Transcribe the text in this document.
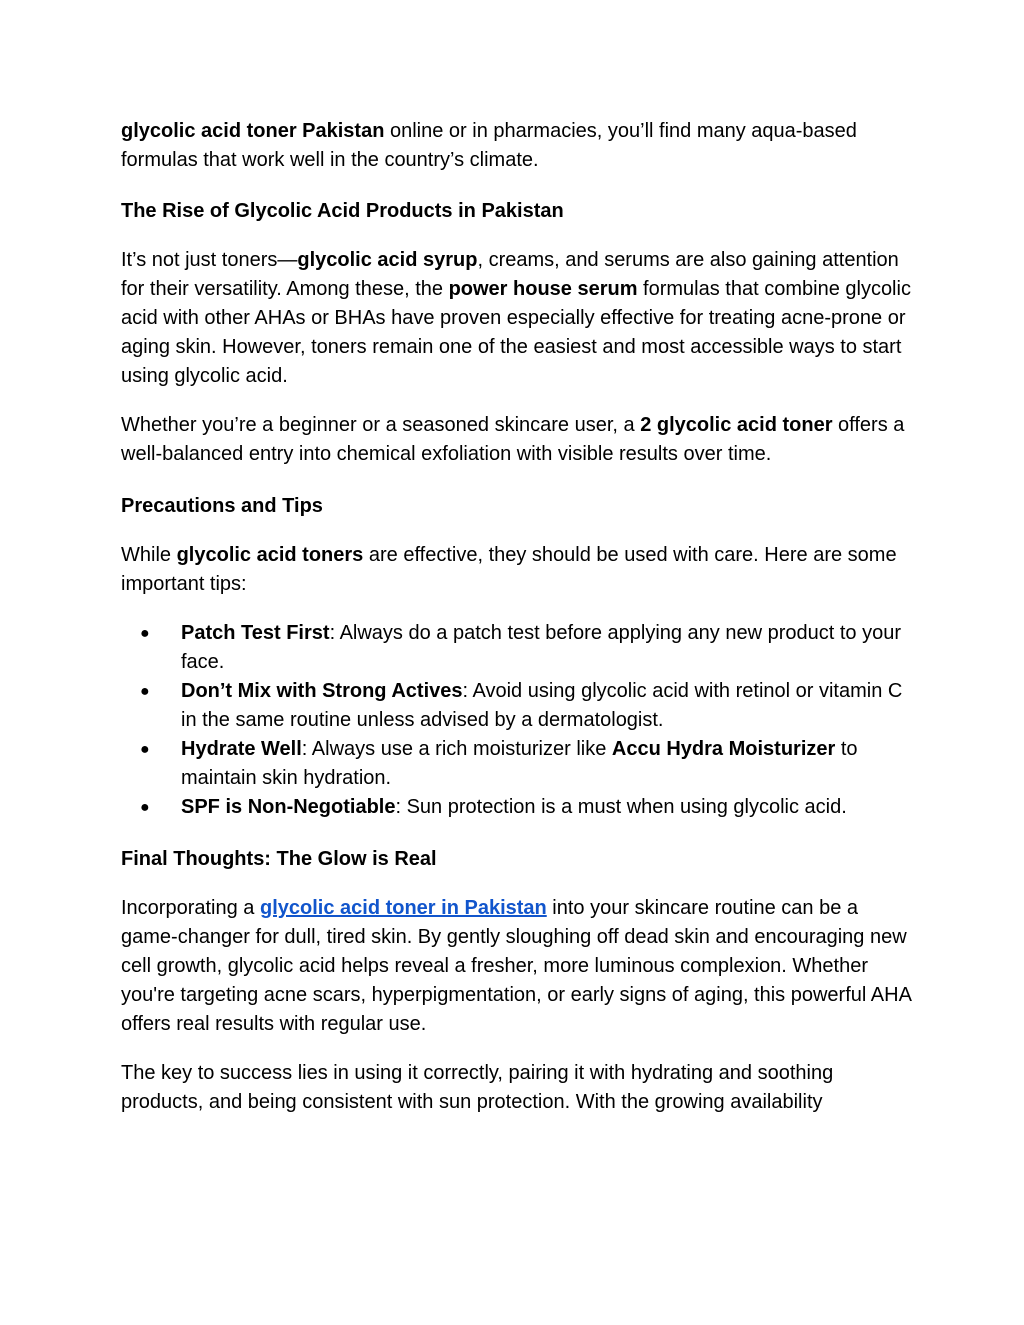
glycolic acid toner Pakistan online or in pharmacies, you’ll find many aqua-based formulas that work well in the country’s climate.

The Rise of Glycolic Acid Products in Pakistan

It’s not just toners—glycolic acid syrup, creams, and serums are also gaining attention for their versatility. Among these, the power house serum formulas that combine glycolic acid with other AHAs or BHAs have proven especially effective for treating acne-prone or aging skin. However, toners remain one of the easiest and most accessible ways to start using glycolic acid.

Whether you’re a beginner or a seasoned skincare user, a 2 glycolic acid toner offers a well-balanced entry into chemical exfoliation with visible results over time.

Precautions and Tips

While glycolic acid toners are effective, they should be used with care. Here are some important tips:

● Patch Test First: Always do a patch test before applying any new product to your face.
● Don’t Mix with Strong Actives: Avoid using glycolic acid with retinol or vitamin C in the same routine unless advised by a dermatologist.
● Hydrate Well: Always use a rich moisturizer like Accu Hydra Moisturizer to maintain skin hydration.
● SPF is Non-Negotiable: Sun protection is a must when using glycolic acid.
Final Thoughts: The Glow is Real

Incorporating a glycolic acid toner in Pakistan into your skincare routine can be a game-changer for dull, tired skin. By gently sloughing off dead skin and encouraging new cell growth, glycolic acid helps reveal a fresher, more luminous complexion. Whether you're targeting acne scars, hyperpigmentation, or early signs of aging, this powerful AHA offers real results with regular use.

The key to success lies in using it correctly, pairing it with hydrating and soothing products, and being consistent with sun protection. With the growing availability
